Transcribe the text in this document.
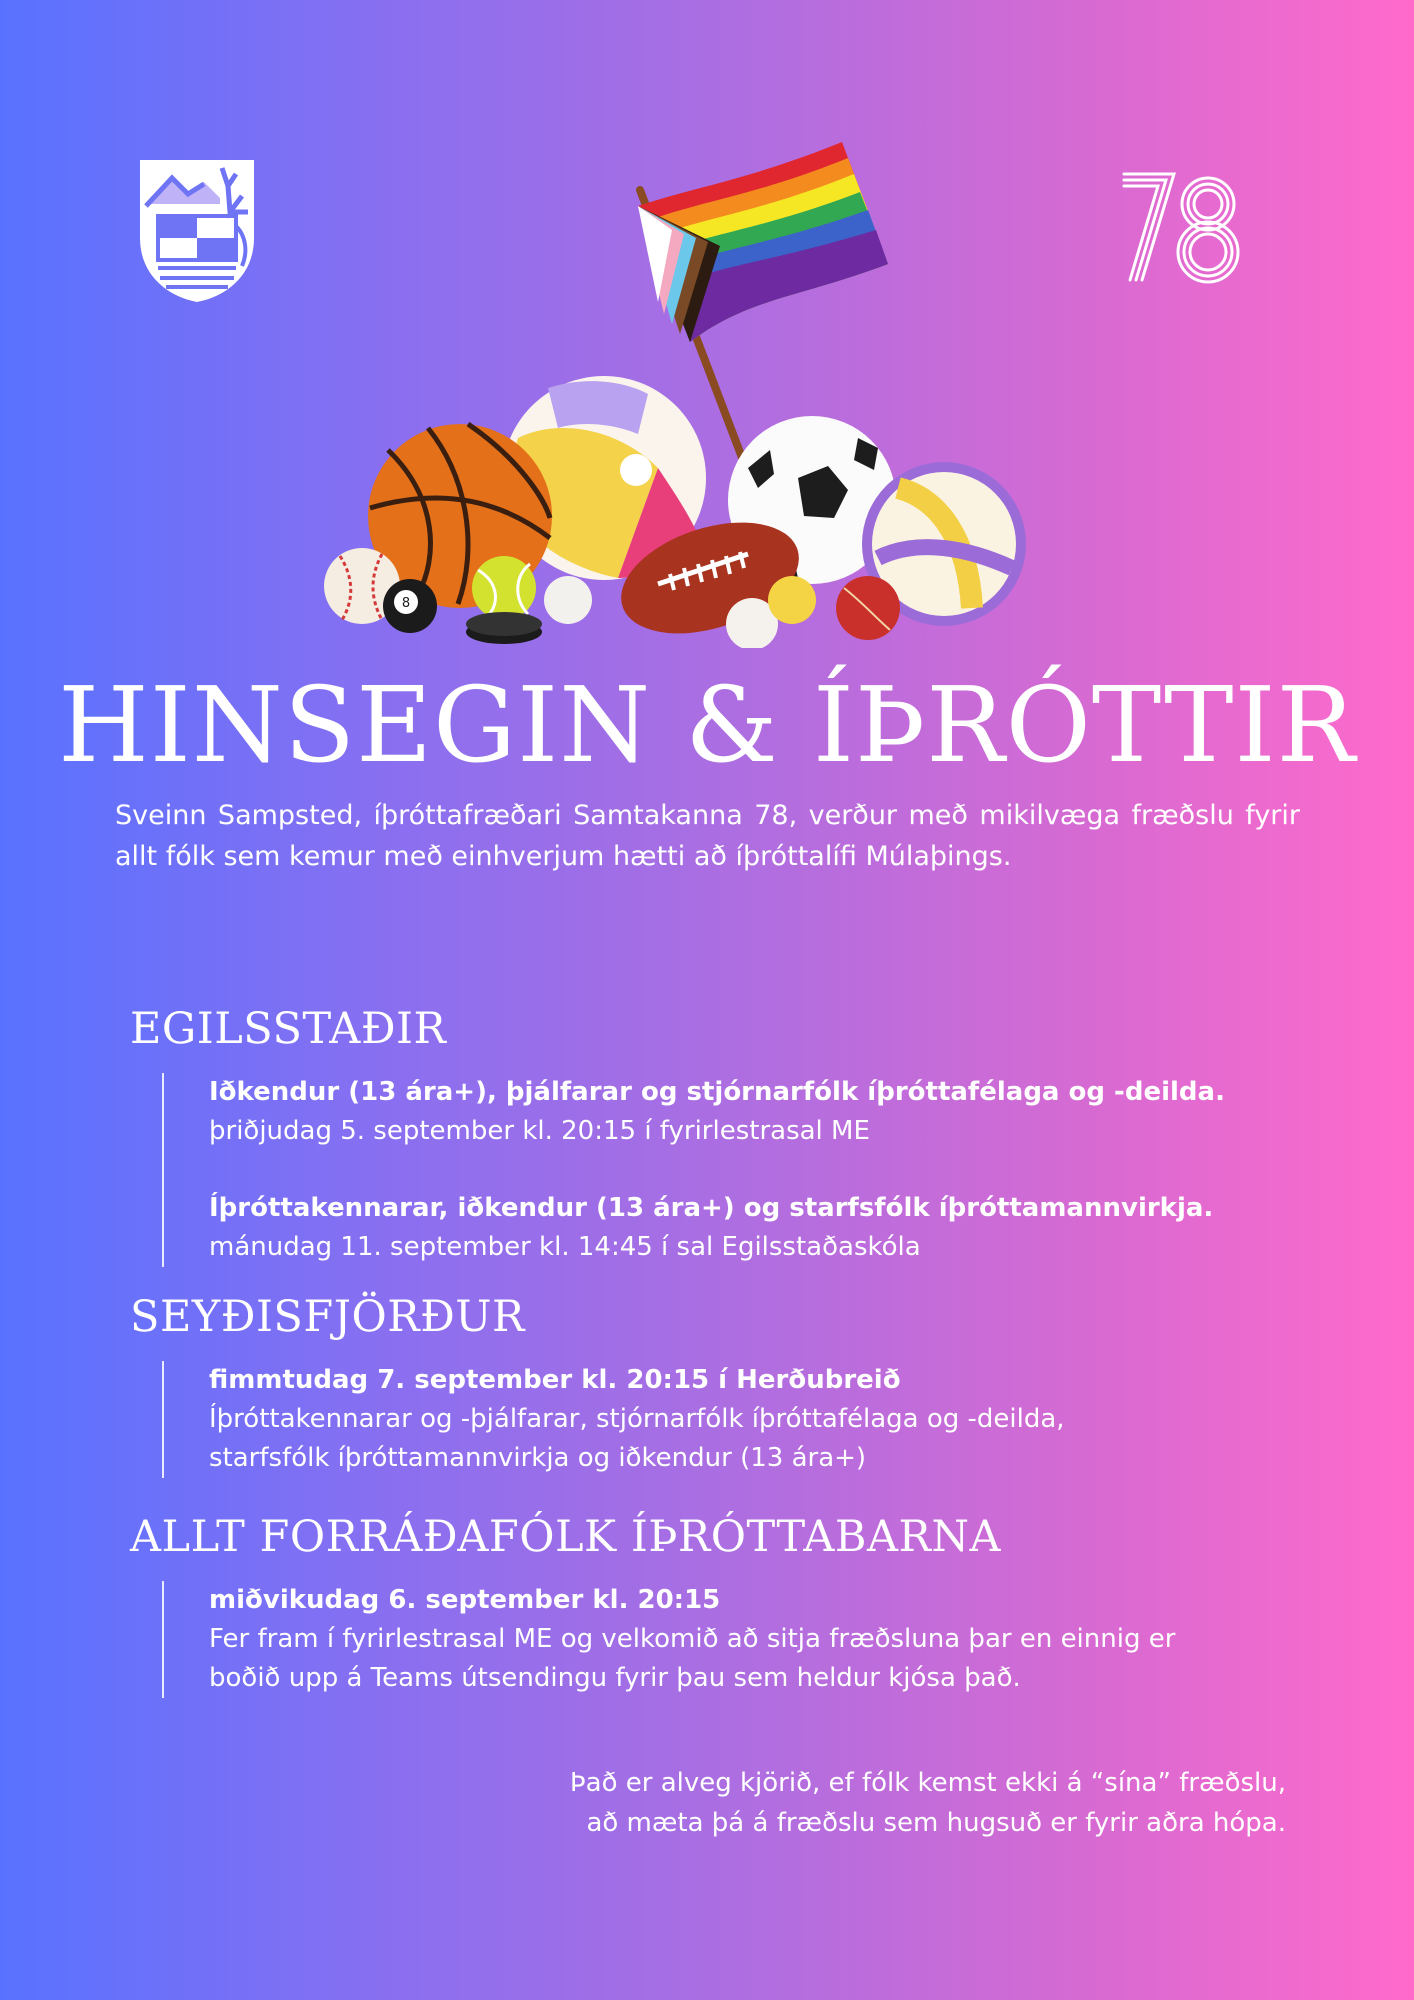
8
HINSEGIN & ÍÞRÓTTIR

Sveinn Sampsted, íþróttafræðari Samtakanna 78, verður með mikilvæga fræðslu fyrir allt fólk sem kemur með einhverjum hætti að íþróttalífi Múlaþings.

EGILSSTAÐIR
Iðkendur (13 ára+), þjálfarar og stjórnarfólk íþróttafélaga og -deilda.
þriðjudag 5. september kl. 20:15 í fyrirlestrasal ME
Íþróttakennarar, iðkendur (13 ára+) og starfsfólk íþróttamannvirkja.
mánudag 11. september kl. 14:45 í sal Egilsstaðaskóla
SEYÐISFJÖRÐUR
fimmtudag 7. september kl. 20:15 í Herðubreið
Íþróttakennarar og -þjálfarar, stjórnarfólk íþróttafélaga og -deilda,
starfsfólk íþróttamannvirkja og iðkendur (13 ára+)
ALLT FORRÁÐAFÓLK ÍÞRÓTTABARNA
miðvikudag 6. september kl. 20:15
Fer fram í fyrirlestrasal ME og velkomið að sitja fræðsluna þar en einnig er
boðið upp á Teams útsendingu fyrir þau sem heldur kjósa það.
Það er alveg kjörið, ef fólk kemst ekki á “sína” fræðslu,
að mæta þá á fræðslu sem hugsuð er fyrir aðra hópa.
